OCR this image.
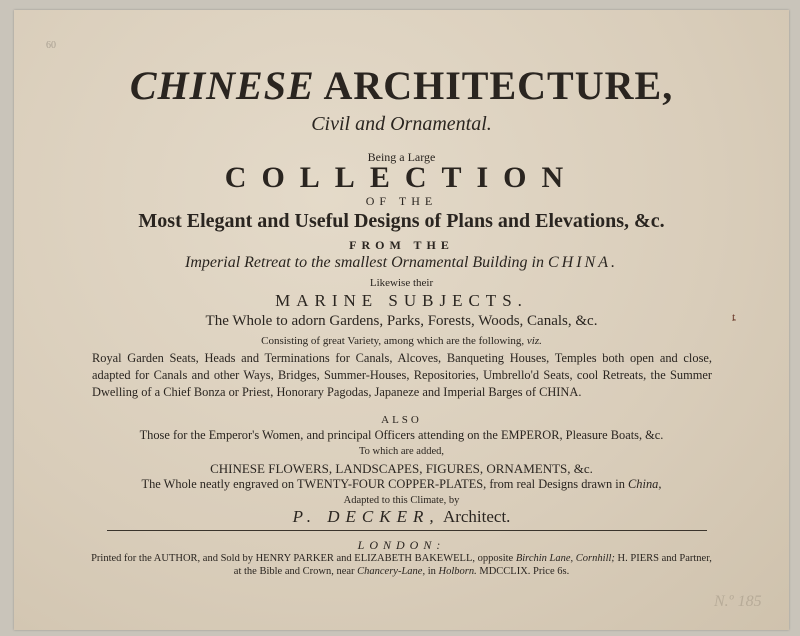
60
ȶ
N.º 185
CHINESE ARCHITECTURE,
Civil and Ornamental.
Being a Large
COLLECTION
OF THE
Most Elegant and Useful Designs of Plans and Elevations, &c.
FROM THE
Imperial Retreat to the smallest Ornamental Building in CHINA.
Likewise their
MARINE SUBJECTS.
The Whole to adorn Gardens, Parks, Forests, Woods, Canals, &c.
Consisting of great Variety, among which are the following, viz.
Royal Garden Seats, Heads and Terminations for Canals, Alcoves, Banqueting Houses, Temples both open and close, adapted for Canals and other Ways, Bridges, Summer-Houses, Repositories, Umbrello'd Seats, cool Retreats, the Summer Dwelling of a Chief Bonza or Priest, Honorary Pagodas, Japaneze and Imperial Barges of CHINA.
ALSO
Those for the Emperor's Women, and principal Officers attending on the EMPEROR, Pleasure Boats, &c.
To which are added,
CHINESE FLOWERS, LANDSCAPES, FIGURES, ORNAMENTS, &c.
The Whole neatly engraved on TWENTY-FOUR COPPER-PLATES, from real Designs drawn in China,
Adapted to this Climate, by
P. DECKER, Architect.
LONDON:
Printed for the AUTHOR, and Sold by HENRY PARKER and ELIZABETH BAKEWELL, opposite Birchin Lane, Cornhill; H. PIERS and Partner,
at the Bible and Crown, near Chancery-Lane, in Holborn. MDCCLIX. Price 6s.
